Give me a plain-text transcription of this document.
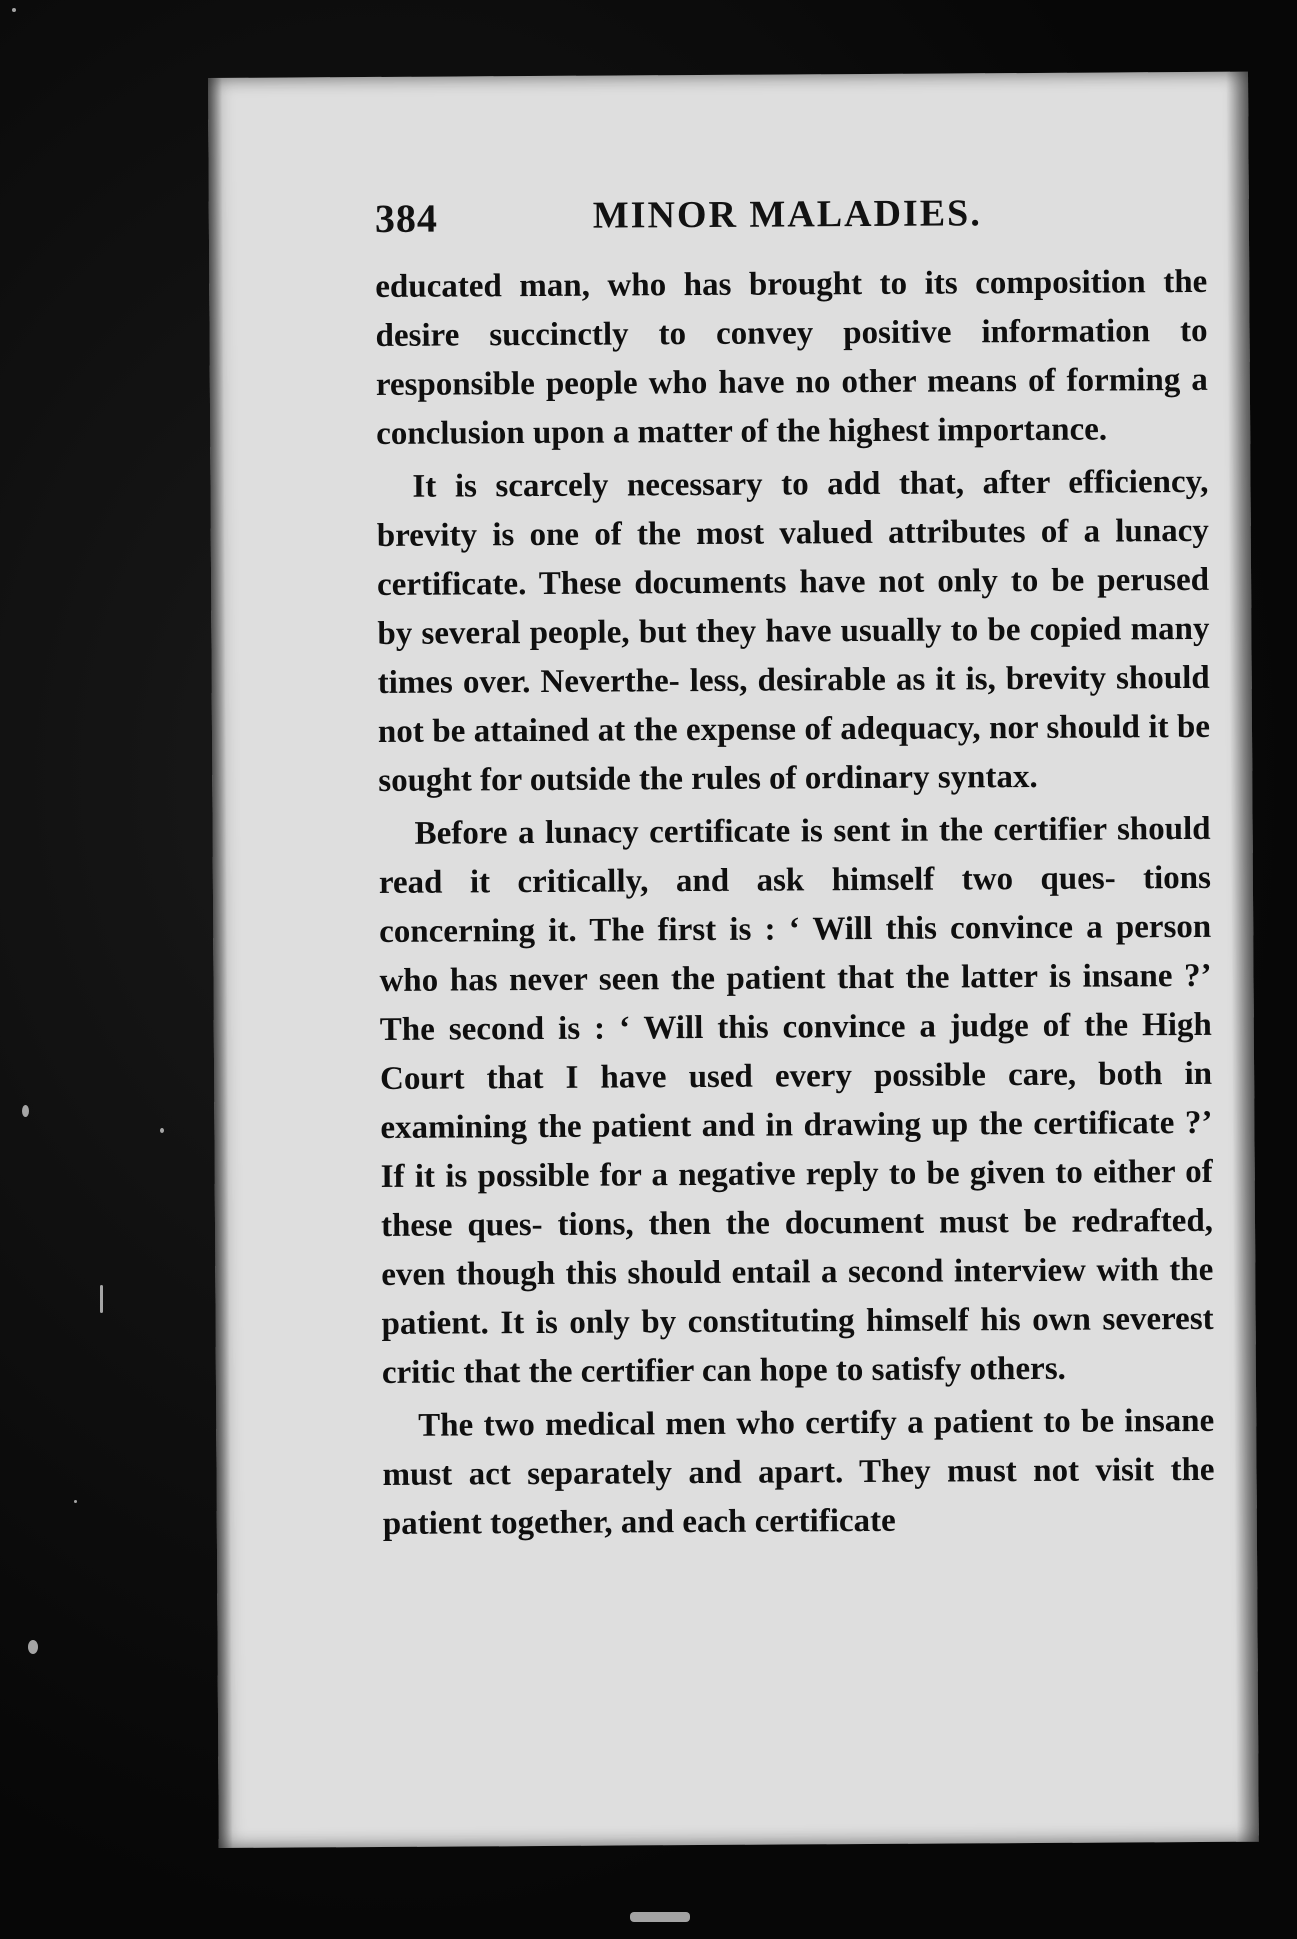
384	MINOR MALADIES.

educated man, who has brought to its composition the desire succinctly to convey positive information to responsible people who have no other means of forming a conclusion upon a matter of the highest importance.

It is scarcely necessary to add that, after efficiency, brevity is one of the most valued attributes of a lunacy certificate. These documents have not only to be perused by several people, but they have usually to be copied many times over. Neverthe- less, desirable as it is, brevity should not be attained at the expense of adequacy, nor should it be sought for outside the rules of ordinary syntax.

Before a lunacy certificate is sent in the certifier should read it critically, and ask himself two ques- tions concerning it. The first is : ‘ Will this convince a person who has never seen the patient that the latter is insane ?’ The second is : ‘ Will this convince a judge of the High Court that I have used every possible care, both in examining the patient and in drawing up the certificate ?’ If it is possible for a negative reply to be given to either of these ques- tions, then the document must be redrafted, even though this should entail a second interview with the patient. It is only by constituting himself his own severest critic that the certifier can hope to satisfy others.

The two medical men who certify a patient to be insane must act separately and apart. They must not visit the patient together, and each certificate
